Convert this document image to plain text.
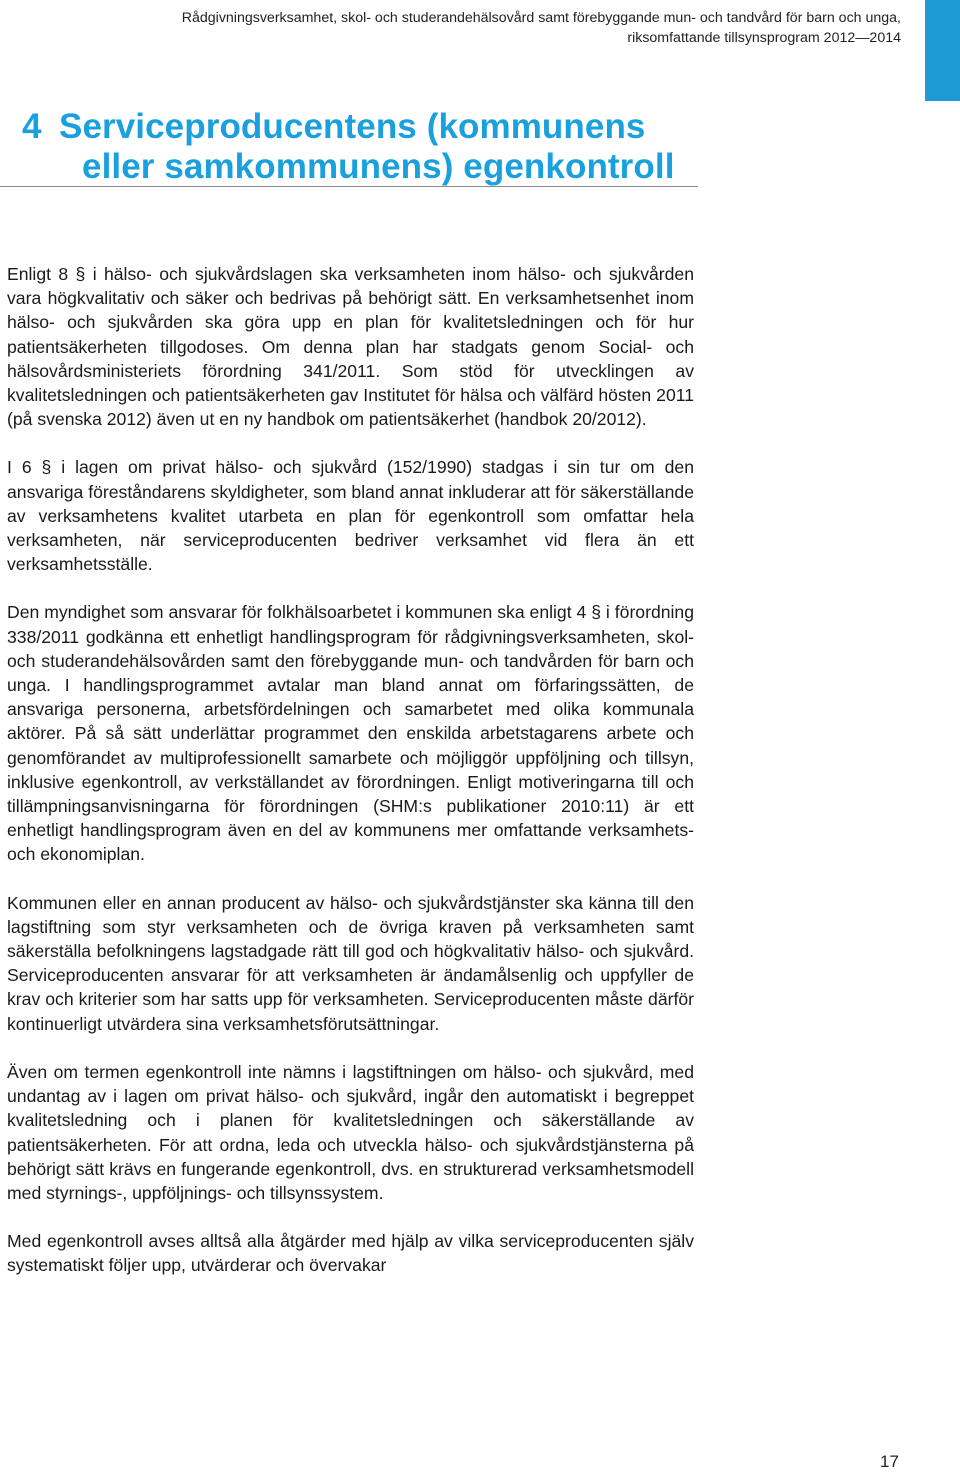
Rådgivningsverksamhet, skol- och studerandehälsovård samt förebyggande mun- och tandvård för barn och unga,
riksomfattande tillsynsprogram 2012—2014
4 Serviceproducentens (kommunens
eller samkommunens) egenkontroll

Enligt 8 § i hälso- och sjukvårdslagen ska verksamheten inom hälso- och sjukvården vara högkvalitativ och säker och bedrivas på behörigt sätt. En verksamhetsenhet inom hälso- och sjukvården ska göra upp en plan för kvalitetsledningen och för hur patientsäkerheten tillgodoses. Om denna plan har stadgats genom Social- och hälsovårdsministeriets förordning 341/2011. Som stöd för utvecklingen av kvalitetsledningen och patientsäkerheten gav Institutet för hälsa och välfärd hösten 2011 (på svenska 2012) även ut en ny handbok om patientsäkerhet (handbok 20/2012).

I 6 § i lagen om privat hälso- och sjukvård (152/1990) stadgas i sin tur om den ansvariga föreståndarens skyldigheter, som bland annat inkluderar att för säkerställande av verksamhetens kvalitet utarbeta en plan för egenkontroll som omfattar hela verksamheten, när serviceproducenten bedriver verksamhet vid flera än ett verksamhetsställe.

Den myndighet som ansvarar för folkhälsoarbetet i kommunen ska enligt 4 § i förordning 338/2011 godkänna ett enhetligt handlingsprogram för rådgivningsverksamheten, skol- och studerandehälsovården samt den förebyggande mun- och tandvården för barn och unga. I handlingsprogrammet avtalar man bland annat om förfaringssätten, de ansvariga personerna, arbetsfördelningen och samarbetet med olika kommunala aktörer. På så sätt underlättar programmet den enskilda arbetstagarens arbete och genomförandet av multiprofessionellt samarbete och möjliggör uppföljning och tillsyn, inklusive egenkontroll, av verkställandet av förordningen. Enligt motiveringarna till och tillämpningsanvisningarna för förordningen (SHM:s publikationer 2010:11) är ett enhetligt handlingsprogram även en del av kommunens mer omfattande verksamhets- och ekonomiplan.

Kommunen eller en annan producent av hälso- och sjukvårdstjänster ska känna till den lagstiftning som styr verksamheten och de övriga kraven på verksamheten samt säkerställa befolkningens lagstadgade rätt till god och högkvalitativ hälso- och sjukvård. Serviceproducenten ansvarar för att verksamheten är ändamålsenlig och uppfyller de krav och kriterier som har satts upp för verksamheten. Serviceproducenten måste därför kontinuerligt utvärdera sina verksamhetsförutsättningar.

Även om termen egenkontroll inte nämns i lagstiftningen om hälso- och sjukvård, med undantag av i lagen om privat hälso- och sjukvård, ingår den automatiskt i begreppet kvalitetsledning och i planen för kvalitetsledningen och säkerställande av patientsäkerheten. För att ordna, leda och utveckla hälso- och sjukvårdstjänsterna på behörigt sätt krävs en fungerande egenkontroll, dvs. en strukturerad verksamhetsmodell med styrnings-, uppföljnings- och tillsynssystem.

Med egenkontroll avses alltså alla åtgärder med hjälp av vilka serviceproducenten själv systematiskt följer upp, utvärderar och övervakar

17
